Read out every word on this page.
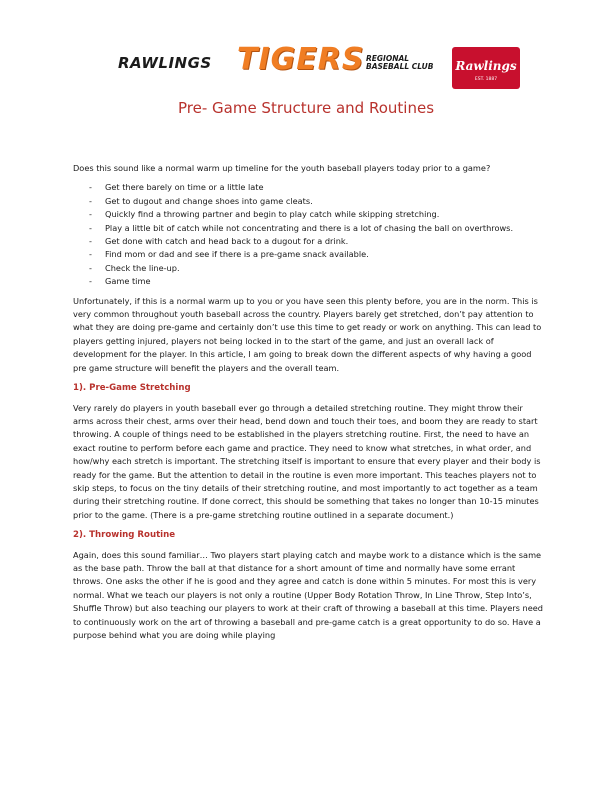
RAWLINGS TIGERS REGIONAL BASEBALL CLUB Rawlings
EST. 1887
Pre- Game Structure and Routines

Does this sound like a normal warm up timeline for the youth baseball players today prior to a game?

- Get there barely on time or a little late
- Get to dugout and change shoes into game cleats.
- Quickly find a throwing partner and begin to play catch while skipping stretching.
- Play a little bit of catch while not concentrating and there is a lot of chasing the ball on overthrows.
- Get done with catch and head back to a dugout for a drink.
- Find mom or dad and see if there is a pre-game snack available.
- Check the line-up.
- Game time

Unfortunately, if this is a normal warm up to you or you have seen this plenty before, you are in the norm. This is very common throughout youth baseball across the country. Players barely get stretched, don’t pay attention to what they are doing pre-game and certainly don’t use this time to get ready or work on anything. This can lead to players getting injured, players not being locked in to the start of the game, and just an overall lack of development for the player. In this article, I am going to break down the different aspects of why having a good pre game structure will benefit the players and the overall team.

1). Pre-Game Stretching

Very rarely do players in youth baseball ever go through a detailed stretching routine. They might throw their arms across their chest, arms over their head, bend down and touch their toes, and boom they are ready to start throwing. A couple of things need to be established in the players stretching routine. First, the need to have an exact routine to perform before each game and practice. They need to know what stretches, in what order, and how/why each stretch is important. The stretching itself is important to ensure that every player and their body is ready for the game. But the attention to detail in the routine is even more important. This teaches players not to skip steps, to focus on the tiny details of their stretching routine, and most importantly to act together as a team during their stretching routine. If done correct, this should be something that takes no longer than 10-15 minutes prior to the game. (There is a pre-game stretching routine outlined in a separate document.)

2). Throwing Routine

Again, does this sound familiar… Two players start playing catch and maybe work to a distance which is the same as the base path. Throw the ball at that distance for a short amount of time and normally have some errant throws. One asks the other if he is good and they agree and catch is done within 5 minutes. For most this is very normal. What we teach our players is not only a routine (Upper Body Rotation Throw, In Line Throw, Step Into’s, Shuffle Throw) but also teaching our players to work at their craft of throwing a baseball at this time. Players need to continuously work on the art of throwing a baseball and pre-game catch is a great opportunity to do so. Have a purpose behind what you are doing while playing
